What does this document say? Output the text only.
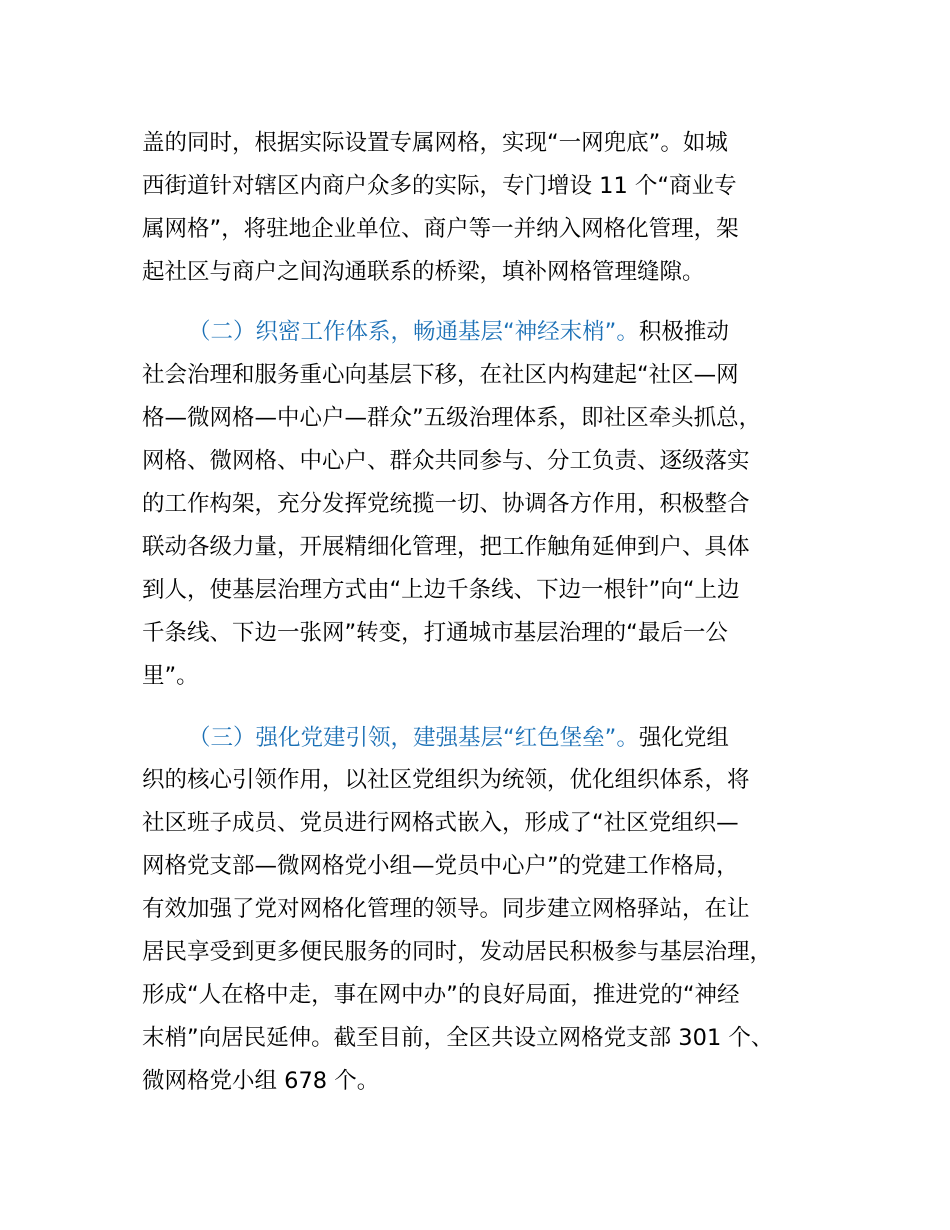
盖的同时，根据实际设置专属网格，实现“一网兜底”。如城
西街道针对辖区内商户众多的实际，专门增设 11 个“商业专
属网格”，将驻地企业单位、商户等一并纳入网格化管理，架
起社区与商户之间沟通联系的桥梁，填补网格管理缝隙。
（二）织密工作体系，畅通基层“神经末梢”。积极推动
社会治理和服务重心向基层下移，在社区内构建起“社区—网
格—微网格—中心户—群众”五级治理体系，即社区牵头抓总，
网格、微网格、中心户、群众共同参与、分工负责、逐级落实
的工作构架，充分发挥党统揽一切、协调各方作用，积极整合
联动各级力量，开展精细化管理，把工作触角延伸到户、具体
到人，使基层治理方式由“上边千条线、下边一根针”向“上边
千条线、下边一张网”转变，打通城市基层治理的“最后一公
里”。
（三）强化党建引领，建强基层“红色堡垒”。强化党组
织的核心引领作用，以社区党组织为统领，优化组织体系，将
社区班子成员、党员进行网格式嵌入，形成了“社区党组织—
网格党支部—微网格党小组—党员中心户”的党建工作格局，
有效加强了党对网格化管理的领导。同步建立网格驿站，在让
居民享受到更多便民服务的同时，发动居民积极参与基层治理，
形成“人在格中走，事在网中办”的良好局面，推进党的“神经
末梢”向居民延伸。截至目前，全区共设立网格党支部 301 个、
微网格党小组 678 个。
